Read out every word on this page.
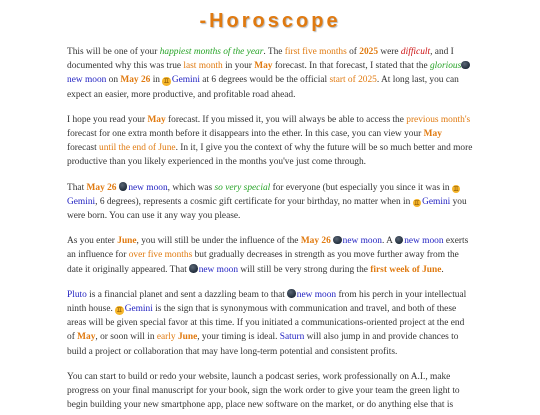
-Horoscope

This will be one of your happiest months of the year. The first five months of 2025 were difficult, and I documented why this was true last month in your May forecast. In that forecast, I stated that the gloriousnew moon on May 26 in ♊ Gemini at 6 degrees would be the official start of 2025. At long last, you can expect an easier, more productive, and profitable road ahead.

I hope you read your May forecast. If you missed it, you will always be able to access the previous month's forecast for one extra month before it disappears into the ether. In this case, you can view your May forecast until the end of June. In it, I give you the context of why the future will be so much better and more productive than you likely experienced in the months you've just come through.

That May 26 new moon, which was so very special for everyone (but especially you since it was in ♊Gemini, 6 degrees), represents a cosmic gift certificate for your birthday, no matter when in ♊ Gemini you were born. You can use it any way you please.

As you enter June, you will still be under the influence of the May 26 new moon. A new moon exerts an influence for over five months but gradually decreases in strength as you move further away from the date it originally appeared. That new moon will still be very strong during the first week of June.

Pluto is a financial planet and sent a dazzling beam to that new moon from his perch in your intellectual ninth house. ♊ Gemini is the sign that is synonymous with communication and travel, and both of these areas will be given special favor at this time. If you initiated a communications-oriented project at the end of May, or soon will in early June, your timing is ideal. Saturn will also jump in and provide chances to build a project or collaboration that may have long-term potential and consistent profits.

You can start to build or redo your website, launch a podcast series, work professionally on A.I., make progress on your final manuscript for your book, sign the work order to give your team the green light to begin building your new smartphone app, place new software on the market, or do anything else that is
